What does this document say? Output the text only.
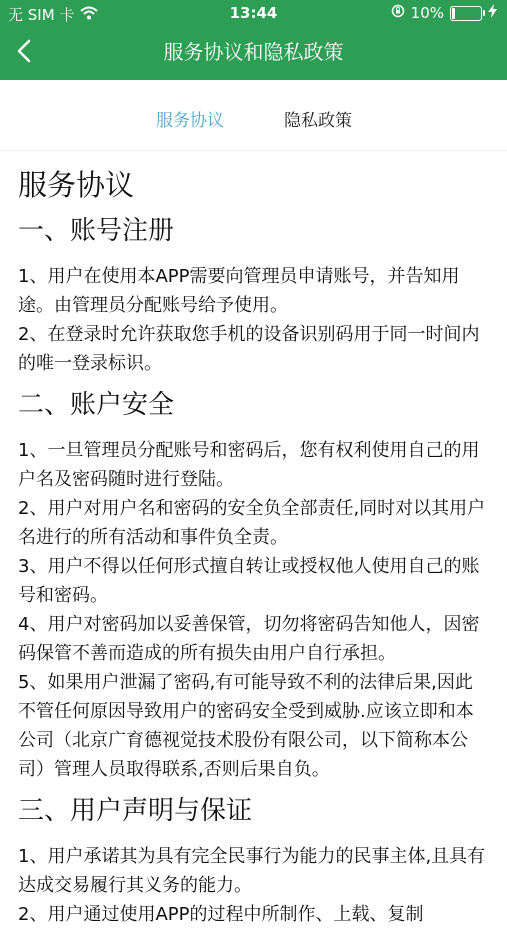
无 SIM 卡	13:44	10%
服务协议和隐私政策
服务协议	隐私政策
服务协议
一、账号注册

1、用户在使用本APP需要向管理员申请账号，并告知用途。由管理员分配账号给予使用。

2、在登录时允许获取您手机的设备识别码用于同一时间内的唯一登录标识。

二、账户安全

1、一旦管理员分配账号和密码后，您有权利使用自己的用户名及密码随时进行登陆。

2、用户对用户名和密码的安全负全部责任,同时对以其用户名进行的所有活动和事件负全责。

3、用户不得以任何形式擅自转让或授权他人使用自己的账号和密码。

4、用户对密码加以妥善保管，切勿将密码告知他人，因密码保管不善而造成的所有损失由用户自行承担。

5、如果用户泄漏了密码,有可能导致不利的法律后果,因此不管任何原因导致用户的密码安全受到威胁.应该立即和本公司（北京广育德视觉技术股份有限公司，以下简称本公司）管理人员取得联系,否则后果自负。

三、用户声明与保证

1、用户承诺其为具有完全民事行为能力的民事主体,且具有达成交易履行其义务的能力。

2、用户通过使用APP的过程中所制作、上载、复制
